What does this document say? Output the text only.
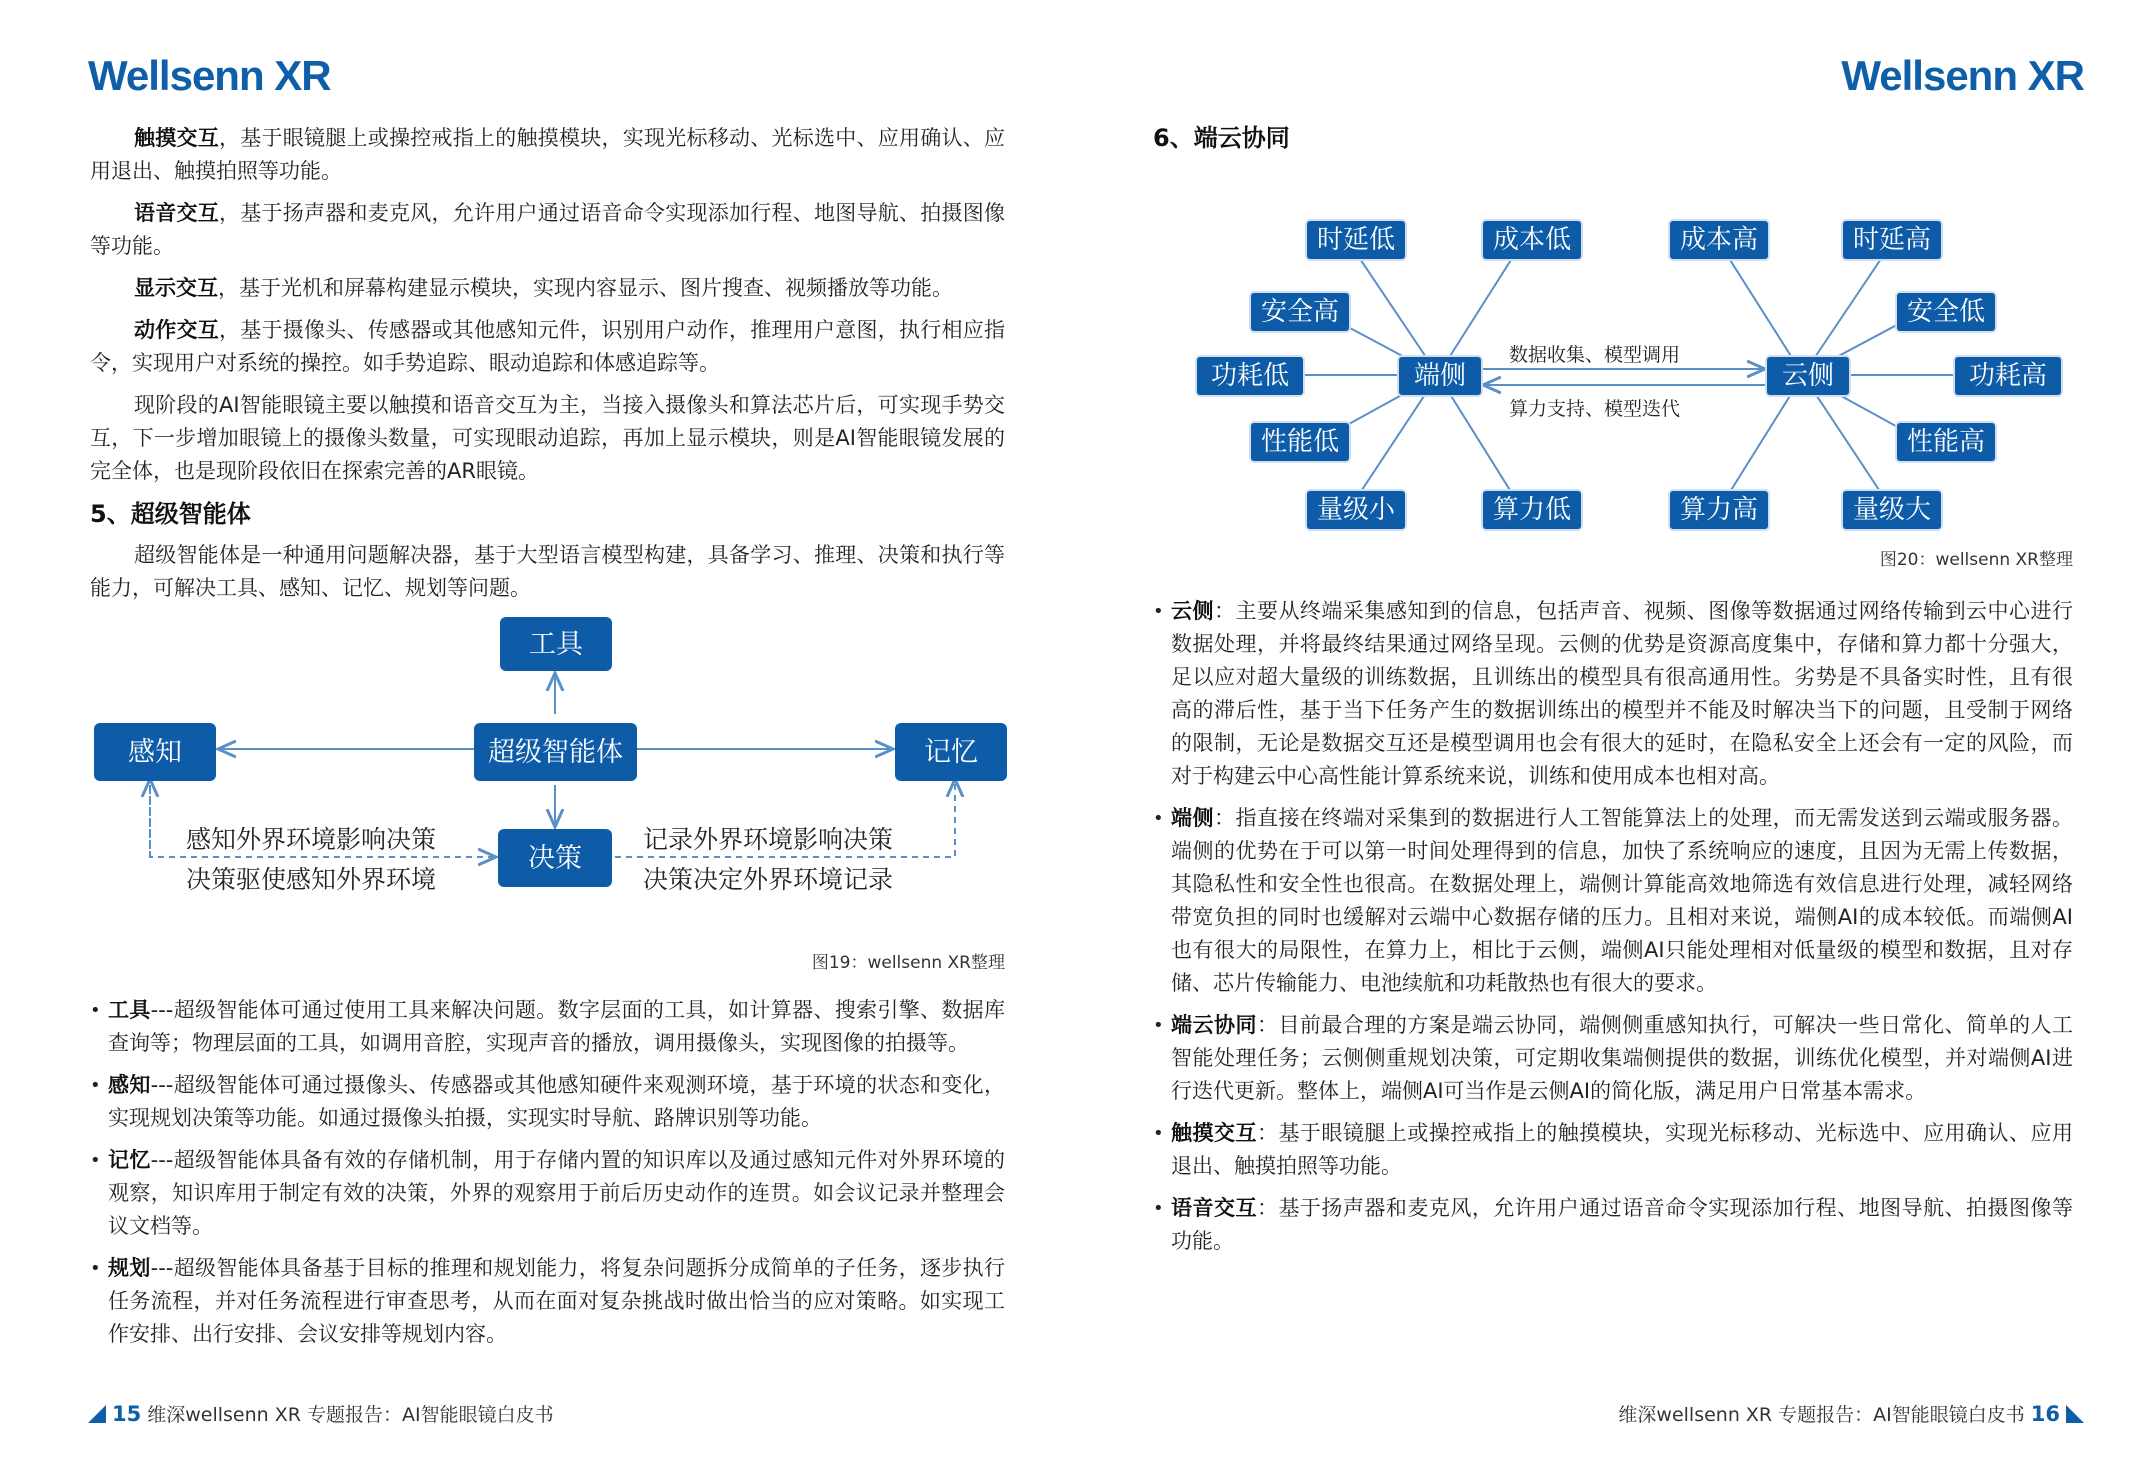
Wellsenn XR

触摸交互，基于眼镜腿上或操控戒指上的触摸模块，实现光标移动、光标选中、应用确认、应用退出、触摸拍照等功能。

语音交互，基于扬声器和麦克风，允许用户通过语音命令实现添加行程、地图导航、拍摄图像等功能。

显示交互，基于光机和屏幕构建显示模块，实现内容显示、图片搜查、视频播放等功能。

动作交互，基于摄像头、传感器或其他感知元件，识别用户动作，推理用户意图，执行相应指令，实现用户对系统的操控。如手势追踪、眼动追踪和体感追踪等。

现阶段的AI智能眼镜主要以触摸和语音交互为主，当接入摄像头和算法芯片后，可实现手势交互，下一步增加眼镜上的摄像头数量，可实现眼动追踪，再加上显示模块，则是AI智能眼镜发展的完全体，也是现阶段依旧在探索完善的AR眼镜。

5、超级智能体

超级智能体是一种通用问题解决器，基于大型语言模型构建，具备学习、推理、决策和执行等能力，可解决工具、感知、记忆、规划等问题。

工具
感知	超级智能体	记忆
决策
感知外界环境影响决策
决策驱使感知外界环境
记录外界环境影响决策
决策决定外界环境记录
图19：wellsenn XR整理
• 工具---超级智能体可通过使用工具来解决问题。数字层面的工具，如计算器、搜索引擎、数据库查询等；物理层面的工具，如调用音腔，实现声音的播放，调用摄像头，实现图像的拍摄等。
• 感知---超级智能体可通过摄像头、传感器或其他感知硬件来观测环境，基于环境的状态和变化，实现规划决策等功能。如通过摄像头拍摄，实现实时导航、路牌识别等功能。
• 记忆---超级智能体具备有效的存储机制，用于存储内置的知识库以及通过感知元件对外界环境的观察，知识库用于制定有效的决策，外界的观察用于前后历史动作的连贯。如会议记录并整理会议文档等。
• 规划---超级智能体具备基于目标的推理和规划能力，将复杂问题拆分成简单的子任务，逐步执行任务流程，并对任务流程进行审查思考，从而在面对复杂挑战时做出恰当的应对策略。如实现工作安排、出行安排、会议安排等规划内容。
15 维深wellsenn XR 专题报告：AI智能眼镜白皮书
Wellsenn XR
6、端云协同
端侧	云侧
时延低	成本低
安全高
功耗低
性能低
量级小	算力低
成本高	时延高
安全低
功耗高
性能高
算力高	量级大
数据收集、模型调用
算力支持、模型迭代
图20：wellsenn XR整理
• 云侧：主要从终端采集感知到的信息，包括声音、视频、图像等数据通过网络传输到云中心进行数据处理，并将最终结果通过网络呈现。云侧的优势是资源高度集中，存储和算力都十分强大，足以应对超大量级的训练数据，且训练出的模型具有很高通用性。劣势是不具备实时性，且有很高的滞后性，基于当下任务产生的数据训练出的模型并不能及时解决当下的问题，且受制于网络的限制，无论是数据交互还是模型调用也会有很大的延时，在隐私安全上还会有一定的风险，而对于构建云中心高性能计算系统来说，训练和使用成本也相对高。
• 端侧：指直接在终端对采集到的数据进行人工智能算法上的处理，而无需发送到云端或服务器。端侧的优势在于可以第一时间处理得到的信息，加快了系统响应的速度，且因为无需上传数据，其隐私性和安全性也很高。在数据处理上，端侧计算能高效地筛选有效信息进行处理，减轻网络带宽负担的同时也缓解对云端中心数据存储的压力。且相对来说，端侧AI的成本较低。而端侧AI也有很大的局限性，在算力上，相比于云侧，端侧AI只能处理相对低量级的模型和数据，且对存储、芯片传输能力、电池续航和功耗散热也有很大的要求。
• 端云协同：目前最合理的方案是端云协同，端侧侧重感知执行，可解决一些日常化、简单的人工智能处理任务；云侧侧重规划决策，可定期收集端侧提供的数据，训练优化模型，并对端侧AI进行迭代更新。整体上，端侧AI可当作是云侧AI的简化版，满足用户日常基本需求。
• 触摸交互：基于眼镜腿上或操控戒指上的触摸模块，实现光标移动、光标选中、应用确认、应用退出、触摸拍照等功能。
• 语音交互：基于扬声器和麦克风，允许用户通过语音命令实现添加行程、地图导航、拍摄图像等功能。
维深wellsenn XR 专题报告：AI智能眼镜白皮书 16
